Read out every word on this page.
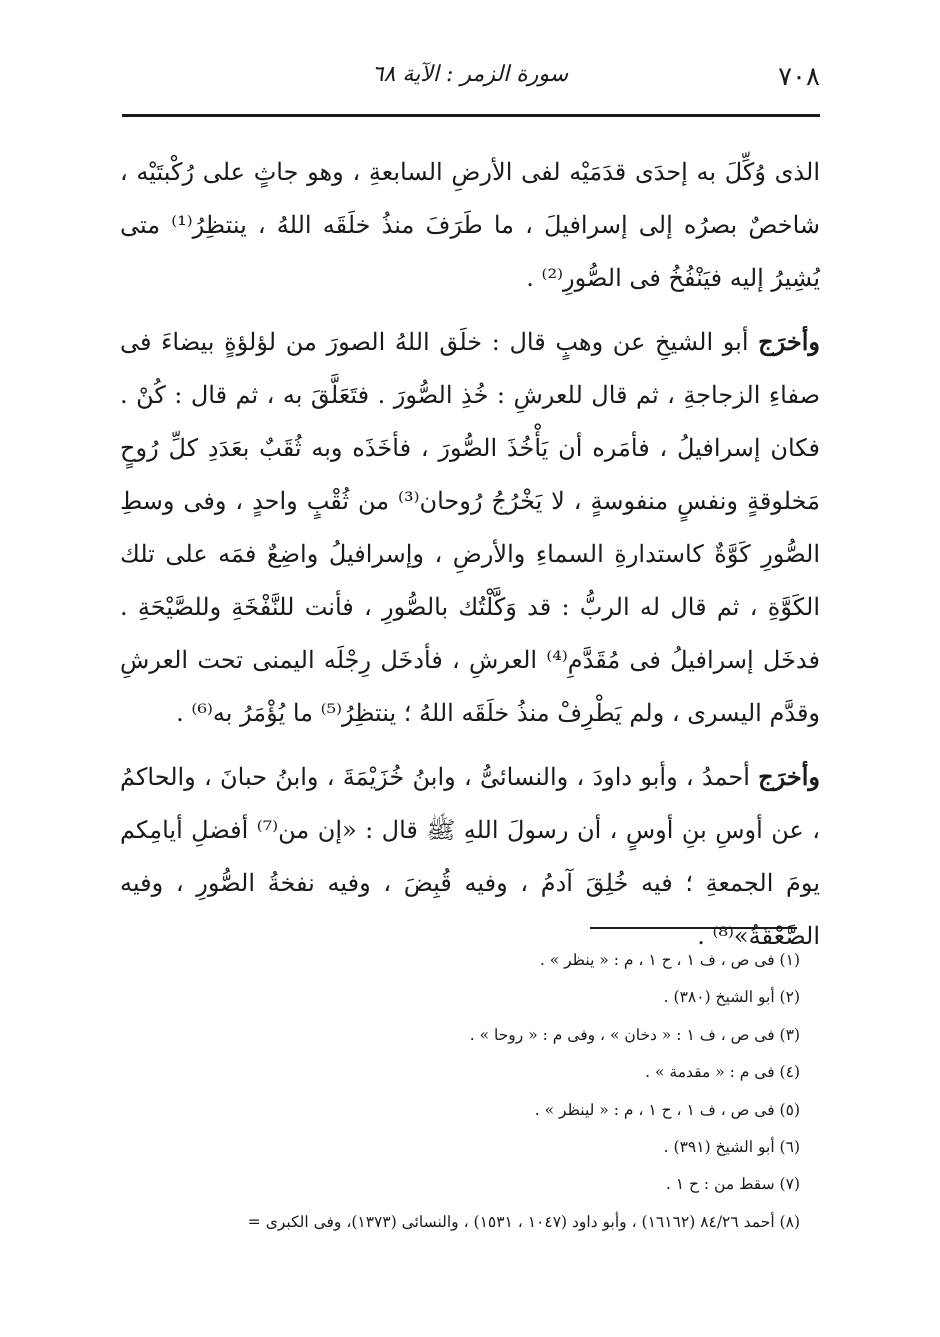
٧٠٨
سورة الزمر : الآية ٦٨

الذى وُكِّلَ به إحدَى قدَمَيْه لفى الأرضِ السابعةِ ، وهو جاثٍ على رُكْبتَيْه ، شاخصٌ بصرُه إلى إسرافيلَ ، ما طَرَفَ منذُ خلَقَه اللهُ ، ينتظِرُ⁽¹⁾ متى يُشِيرُ إليه فيَنْفُخُ فى الصُّورِ⁽²⁾ .

وأخرَج أبو الشيخِ عن وهبٍ قال : خلَق اللهُ الصورَ من لؤلؤةٍ بيضاءَ فى صفاءِ الزجاجةِ ، ثم قال للعرشِ : خُذِ الصُّورَ . فتَعَلَّقَ به ، ثم قال : كُنْ . فكان إسرافيلُ ، فأمَره أن يَأْخُذَ الصُّورَ ، فأخَذَه وبه ثُقَبٌ بعَدَدِ كلِّ رُوحٍ مَخلوقةٍ ونفسٍ منفوسةٍ ، لا يَخْرُجُ رُوحان⁽³⁾ من ثُقْبٍ واحدٍ ، وفى وسطِ الصُّورِ كَوَّةٌ كاستدارةِ السماءِ والأرضِ ، وإسرافيلُ واضِعٌ فمَه على تلك الكَوَّةِ ، ثم قال له الربُّ : قد وَكَّلْتُك بالصُّورِ ، فأنت للنَّفْخَةِ وللصَّيْحَةِ . فدخَل إسرافيلُ فى مُقَدَّمِ⁽⁴⁾ العرشِ ، فأدخَل رِجْلَه اليمنى تحت العرشِ وقدَّم اليسرى ، ولم يَطْرِفْ منذُ خلَقَه اللهُ ؛ ينتظِرُ⁽⁵⁾ ما يُؤْمَرُ به⁽⁶⁾ .

وأخرَج أحمدُ ، وأبو داودَ ، والنسائىُّ ، وابنُ خُزَيْمَةَ ، وابنُ حبانَ ، والحاكمُ ، عن أوسِ بنِ أوسٍ ، أن رسولَ اللهِ ﷺ قال : «إن من⁽⁷⁾ أفضلِ أيامِكم يومَ الجمعةِ ؛ فيه خُلِقَ آدمُ ، وفيه قُبِضَ ، وفيه نفخةُ الصُّورِ ، وفيه الصَّعْقَةُ»⁽⁸⁾ .

(١) فى ص ، ف ١ ، ح ١ ، م : « ينظر » .
(٢) أبو الشيخ (٣٨٠) .
(٣) فى ص ، ف ١ : « دخان » ، وفى م : « روحا » .
(٤) فى م : « مقدمة » .
(٥) فى ص ، ف ١ ، ح ١ ، م : « لينظر » .
(٦) أبو الشيخ (٣٩١) .
(٧) سقط من : ح ١ .
(٨) أحمد ٨٤/٢٦ (١٦١٦٢) ، وأبو داود (١٠٤٧ ، ١٥٣١) ، والنسائى (١٣٧٣)، وفى الكبرى =
